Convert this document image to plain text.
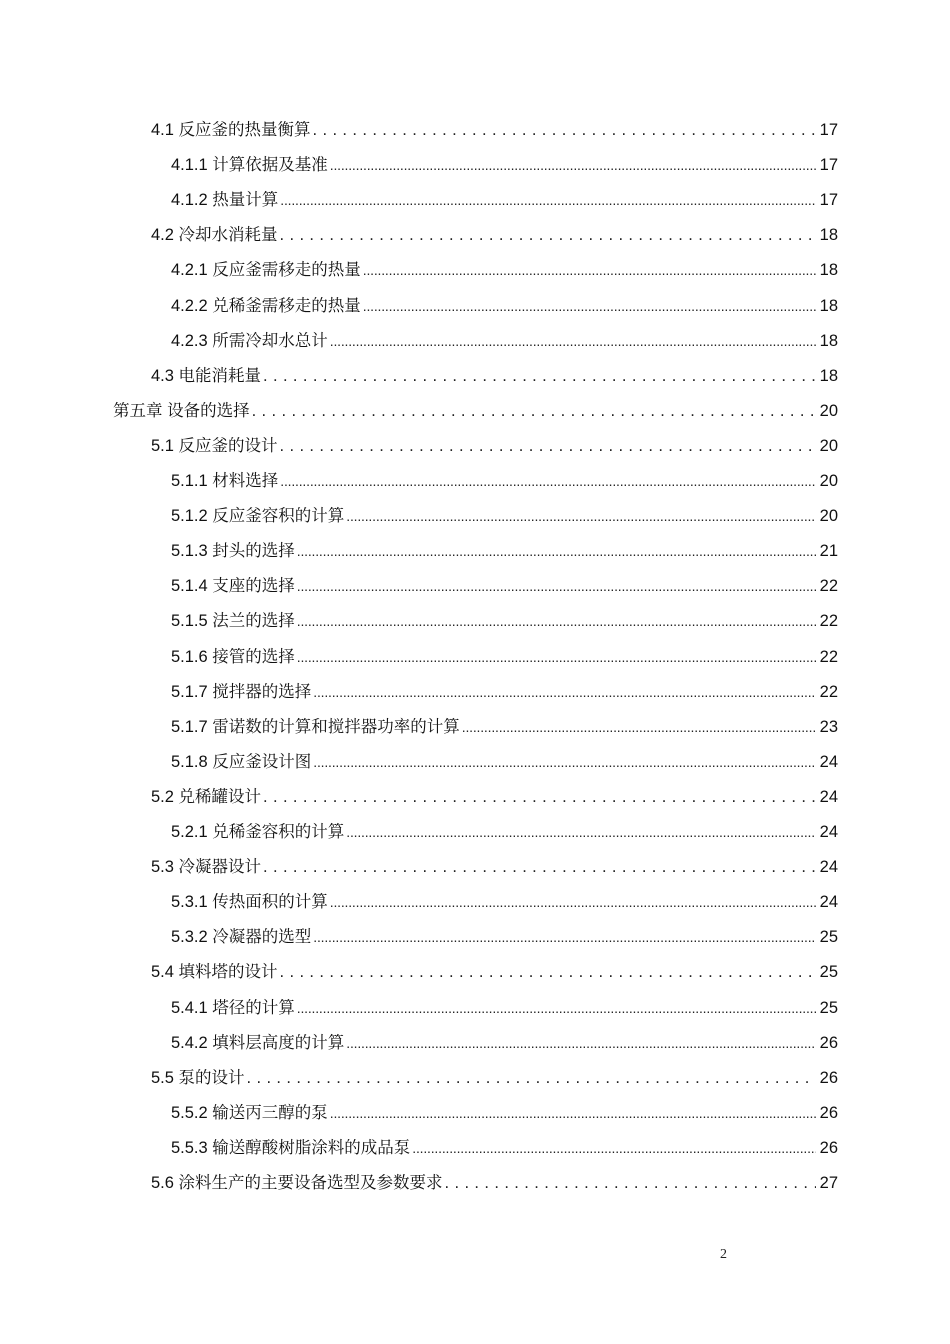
4.1 反应釜的热量衡算 . . .	17
4.1.1 计算依据及基准 .....	17
4.1.2 热量计算 .....	17
4.2 冷却水消耗量 . . .	18
4.2.1 反应釜需移走的热量 .....	18
4.2.2 兑稀釜需移走的热量 .....	18
4.2.3 所需冷却水总计 .....	18
4.3 电能消耗量 . . .	18
第五章 设备的选择 . . .	20
5.1 反应釜的设计 . . .	20
5.1.1 材料选择 .....	20
5.1.2 反应釜容积的计算 .....	20
5.1.3 封头的选择 .....	21
5.1.4 支座的选择 .....	22
5.1.5 法兰的选择 .....	22
5.1.6 接管的选择 .....	22
5.1.7 搅拌器的选择 .....	22
5.1.7 雷诺数的计算和搅拌器功率的计算 .....	23
5.1.8 反应釜设计图 .....	24
5.2 兑稀罐设计 . . .	24
5.2.1 兑稀釜容积的计算 .....	24
5.3 冷凝器设计 . . .	24
5.3.1 传热面积的计算 .....	24
5.3.2 冷凝器的选型 .....	25
5.4 填料塔的设计 . . .	25
5.4.1 塔径的计算 .....	25
5.4.2 填料层高度的计算 .....	26
5.5 泵的设计 . . .	26
5.5.2 输送丙三醇的泵 .....	26
5.5.3 输送醇酸树脂涂料的成品泵 .....	26
5.6 涂料生产的主要设备选型及参数要求 . . .	27
2
